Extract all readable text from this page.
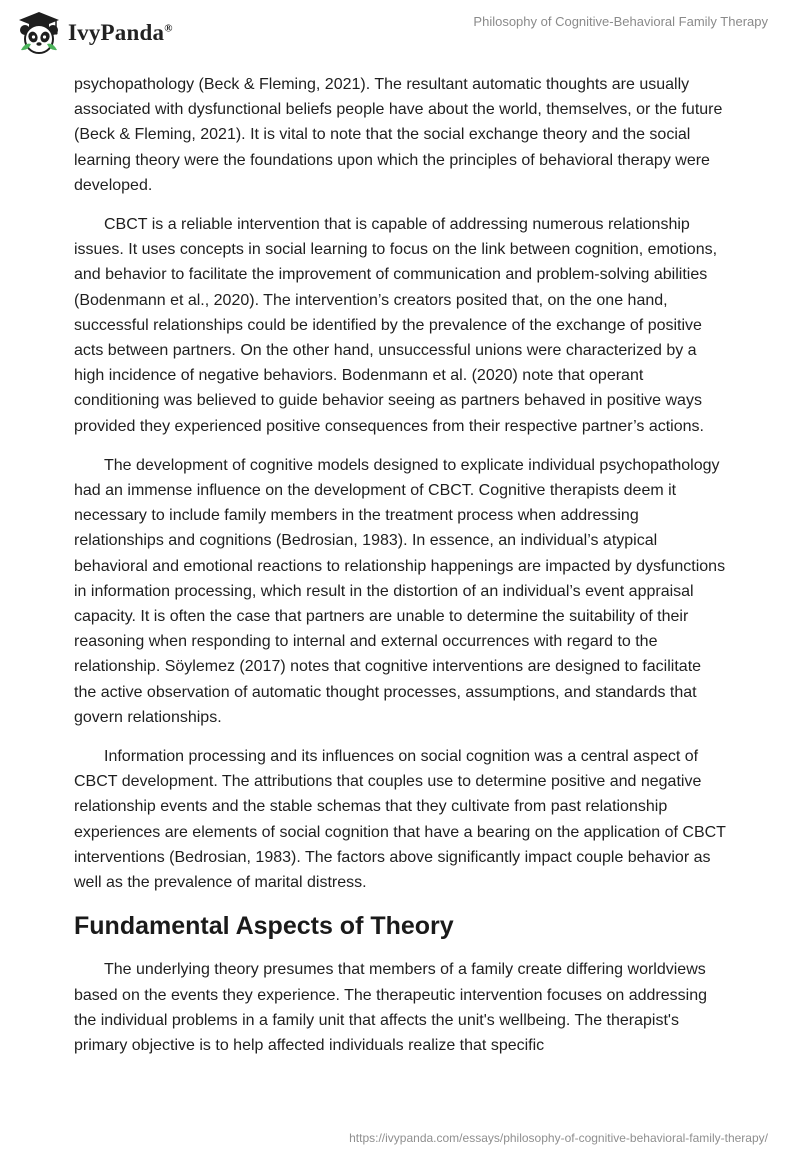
IvyPanda®	Philosophy of Cognitive-Behavioral Family Therapy

psychopathology (Beck & Fleming, 2021). The resultant automatic thoughts are usually associated with dysfunctional beliefs people have about the world, themselves, or the future (Beck & Fleming, 2021). It is vital to note that the social exchange theory and the social learning theory were the foundations upon which the principles of behavioral therapy were developed.

CBCT is a reliable intervention that is capable of addressing numerous relationship issues. It uses concepts in social learning to focus on the link between cognition, emotions, and behavior to facilitate the improvement of communication and problem-solving abilities (Bodenmann et al., 2020). The intervention’s creators posited that, on the one hand, successful relationships could be identified by the prevalence of the exchange of positive acts between partners. On the other hand, unsuccessful unions were characterized by a high incidence of negative behaviors. Bodenmann et al. (2020) note that operant conditioning was believed to guide behavior seeing as partners behaved in positive ways provided they experienced positive consequences from their respective partner’s actions.

The development of cognitive models designed to explicate individual psychopathology had an immense influence on the development of CBCT. Cognitive therapists deem it necessary to include family members in the treatment process when addressing relationships and cognitions (Bedrosian, 1983). In essence, an individual’s atypical behavioral and emotional reactions to relationship happenings are impacted by dysfunctions in information processing, which result in the distortion of an individual’s event appraisal capacity. It is often the case that partners are unable to determine the suitability of their reasoning when responding to internal and external occurrences with regard to the relationship. Söylemez (2017) notes that cognitive interventions are designed to facilitate the active observation of automatic thought processes, assumptions, and standards that govern relationships.

Information processing and its influences on social cognition was a central aspect of CBCT development. The attributions that couples use to determine positive and negative relationship events and the stable schemas that they cultivate from past relationship experiences are elements of social cognition that have a bearing on the application of CBCT interventions (Bedrosian, 1983). The factors above significantly impact couple behavior as well as the prevalence of marital distress.

Fundamental Aspects of Theory

The underlying theory presumes that members of a family create differing worldviews based on the events they experience. The therapeutic intervention focuses on addressing the individual problems in a family unit that affects the unit's wellbeing. The therapist's primary objective is to help affected individuals realize that specific

https://ivypanda.com/essays/philosophy-of-cognitive-behavioral-family-therapy/
